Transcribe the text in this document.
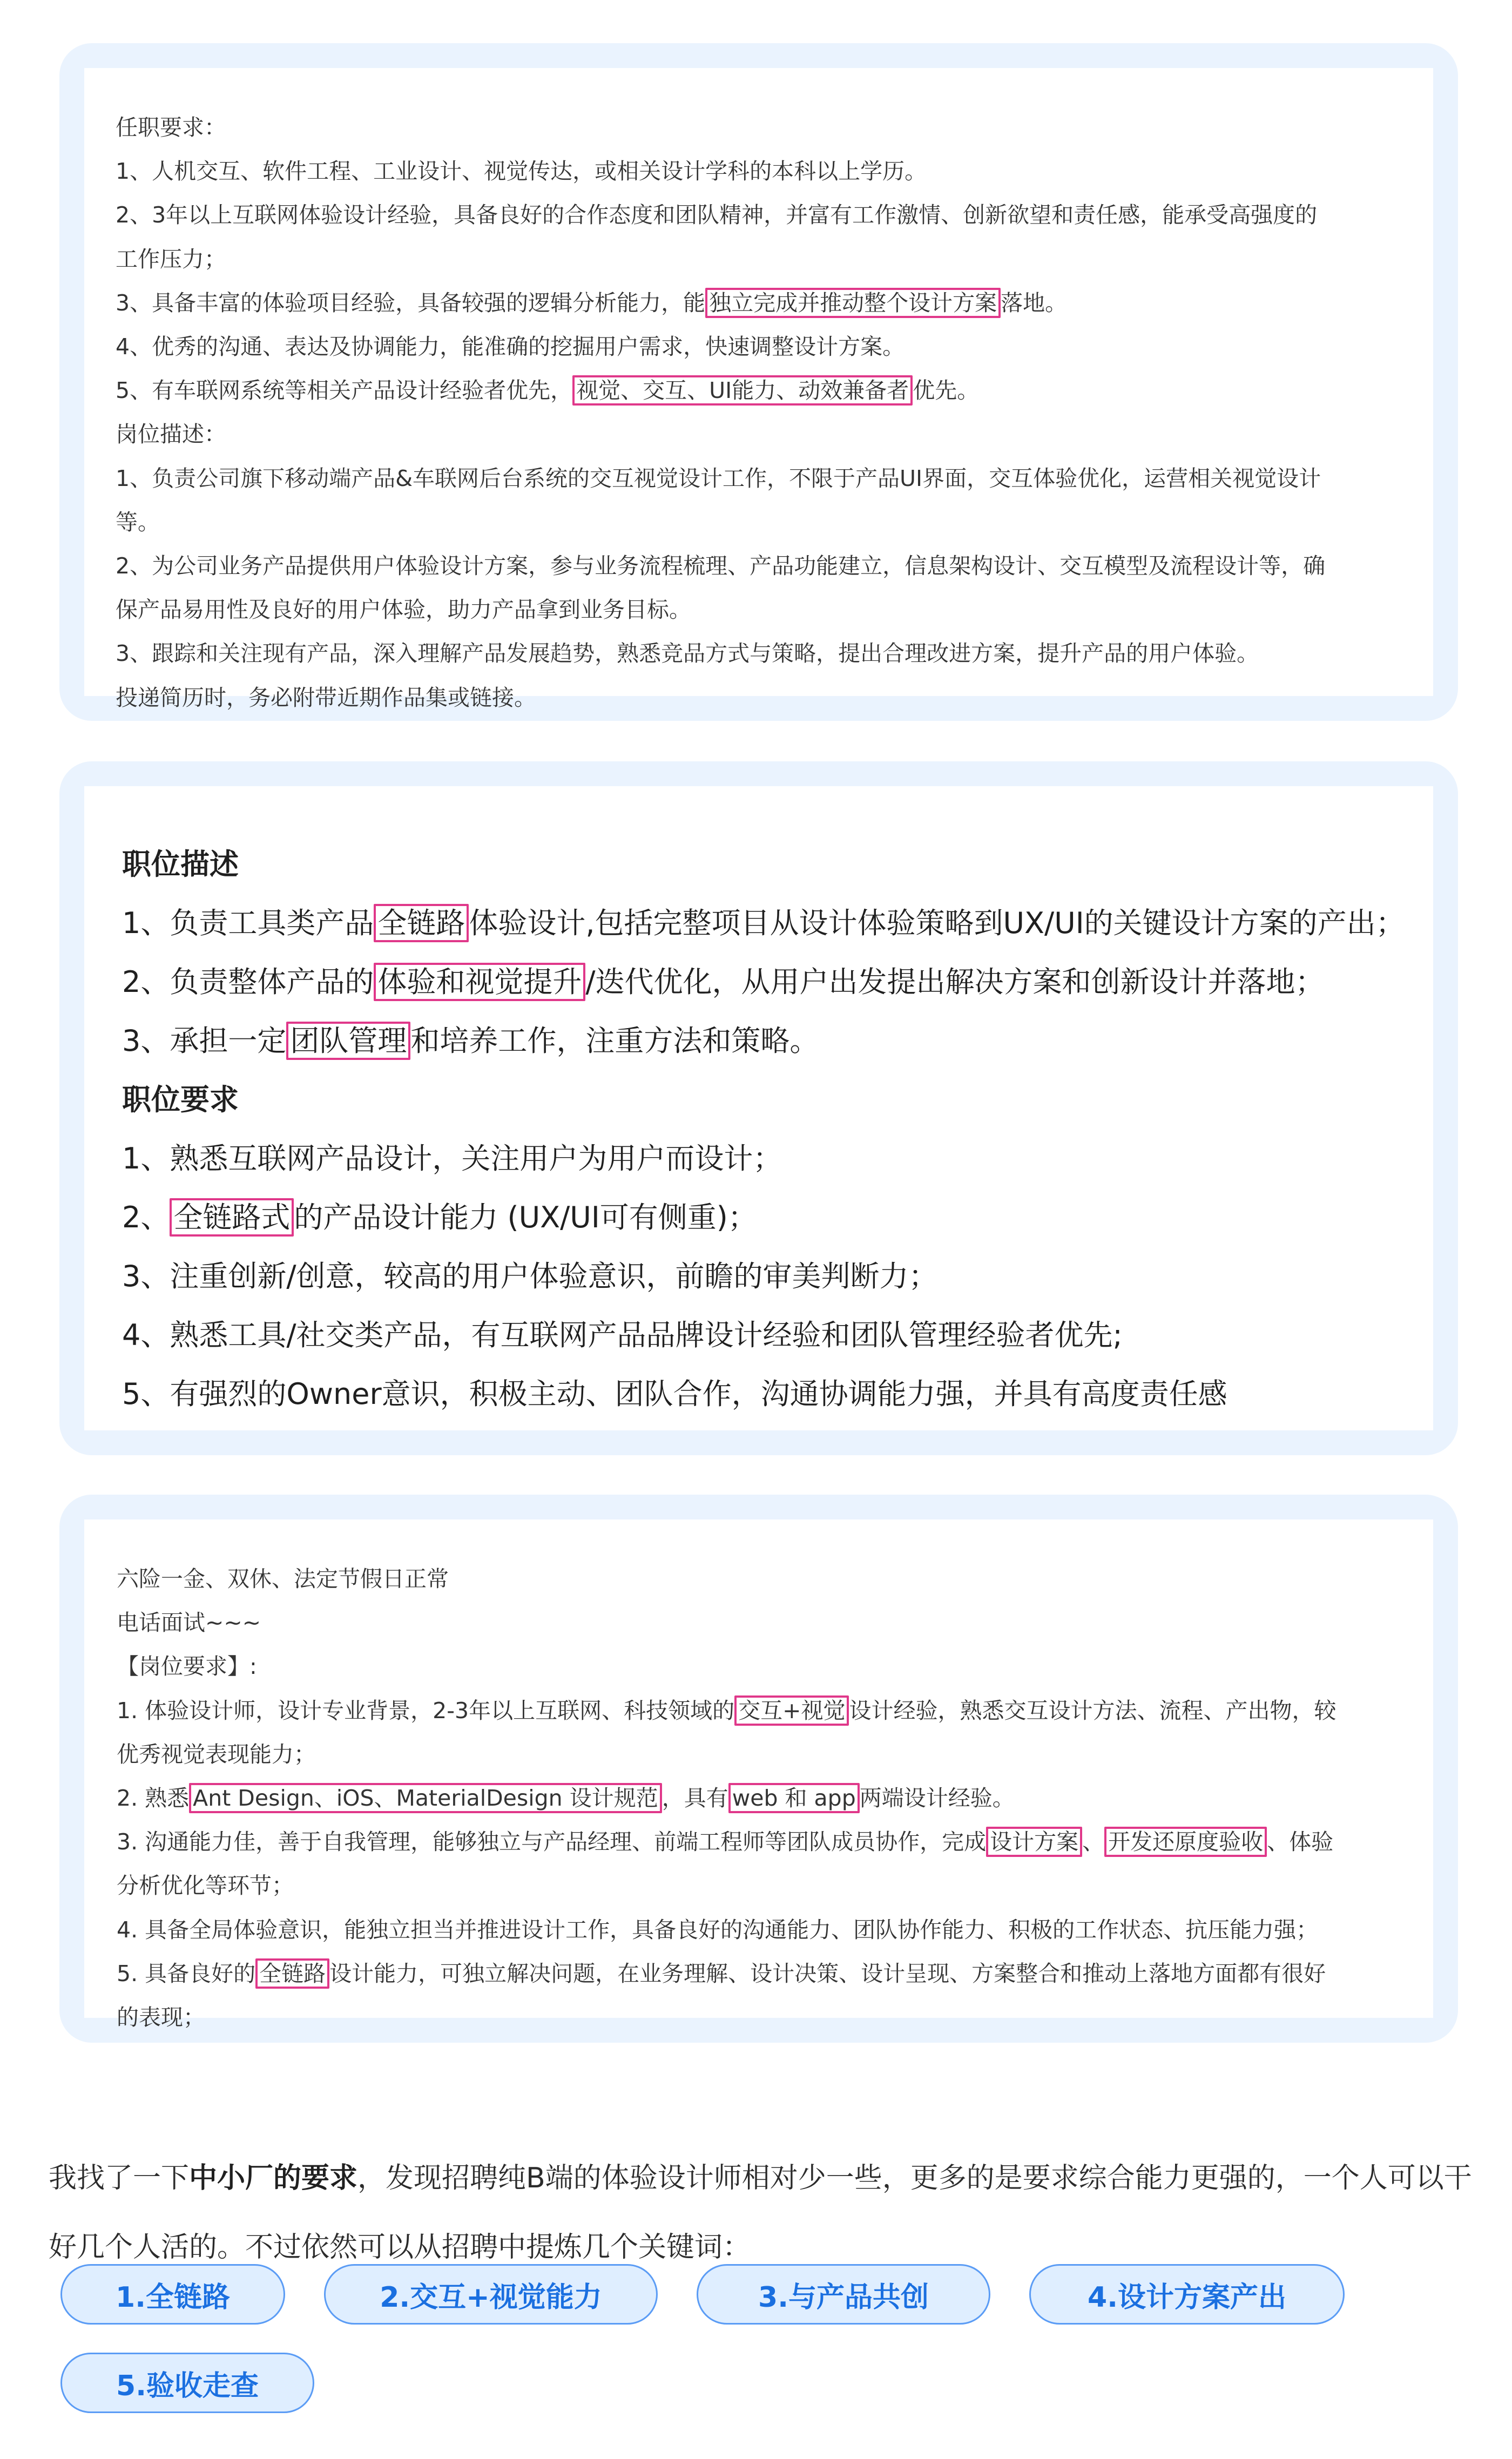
任职要求：
1、人机交互、软件工程、工业设计、视觉传达，或相关设计学科的本科以上学历。
2、3年以上互联网体验设计经验，具备良好的合作态度和团队精神，并富有工作激情、创新欲望和责任感，能承受高强度的
工作压力；
3、具备丰富的体验项目经验，具备较强的逻辑分析能力，能 独立完成并推动整个设计方案 落地。
4、优秀的沟通、表达及协调能力，能准确的挖掘用户需求，快速调整设计方案。
5、有车联网系统等相关产品设计经验者优先， 视觉、交互、UI能力、动效兼备者 优先。
岗位描述：
1、负责公司旗下移动端产品&车联网后台系统的交互视觉设计工作，不限于产品UI界面，交互体验优化，运营相关视觉设计
等。
2、为公司业务产品提供用户体验设计方案，参与业务流程梳理、产品功能建立，信息架构设计、交互模型及流程设计等，确
保产品易用性及良好的用户体验，助力产品拿到业务目标。
3、跟踪和关注现有产品，深入理解产品发展趋势，熟悉竞品方式与策略，提出合理改进方案，提升产品的用户体验。
投递简历时，务必附带近期作品集或链接。
职位描述
1、负责工具类产品 全链路 体验设计,包括完整项目从设计体验策略到UX/UI的关键设计方案的产出；
2、负责整体产品的 体验和视觉提升 /迭代优化，从用户出发提出解决方案和创新设计并落地；
3、承担一定 团队管理 和培养工作，注重方法和策略。
职位要求
1、熟悉互联网产品设计，关注用户为用户而设计；
2、 全链路式 的产品设计能力 (UX/UI可有侧重)；
3、注重创新/创意，较高的用户体验意识，前瞻的审美判断力；
4、熟悉工具/社交类产品，有互联网产品品牌设计经验和团队管理经验者优先;
5、有强烈的Owner意识，积极主动、团队合作，沟通协调能力强，并具有高度责任感
六险一金、双休、法定节假日正常
电话面试~~~
【岗位要求】:
1. 体验设计师，设计专业背景，2-3年以上互联网、科技领域的 交互+视觉 设计经验，熟悉交互设计方法、流程、产出物，较
优秀视觉表现能力；
2. 熟悉 Ant Design、iOS、MaterialDesign 设计规范 ，具有 web 和 app 两端设计经验。
3. 沟通能力佳，善于自我管理，能够独立与产品经理、前端工程师等团队成员协作，完成 设计方案 、 开发还原度验收 、体验
分析优化等环节；
4. 具备全局体验意识，能独立担当并推进设计工作，具备良好的沟通能力、团队协作能力、积极的工作状态、抗压能力强；
5. 具备良好的 全链路 设计能力，可独立解决问题，在业务理解、设计决策、设计呈现、方案整合和推动上落地方面都有很好
的表现；

我找了一下中小厂的要求，发现招聘纯B端的体验设计师相对少一些，更多的是要求综合能力更强的，一个人可以干好几个人活的。不过依然可以从招聘中提炼几个关键词：

1.全链路	2.交互+视觉能力	3.与产品共创	4.设计方案产出
5.验收走查
